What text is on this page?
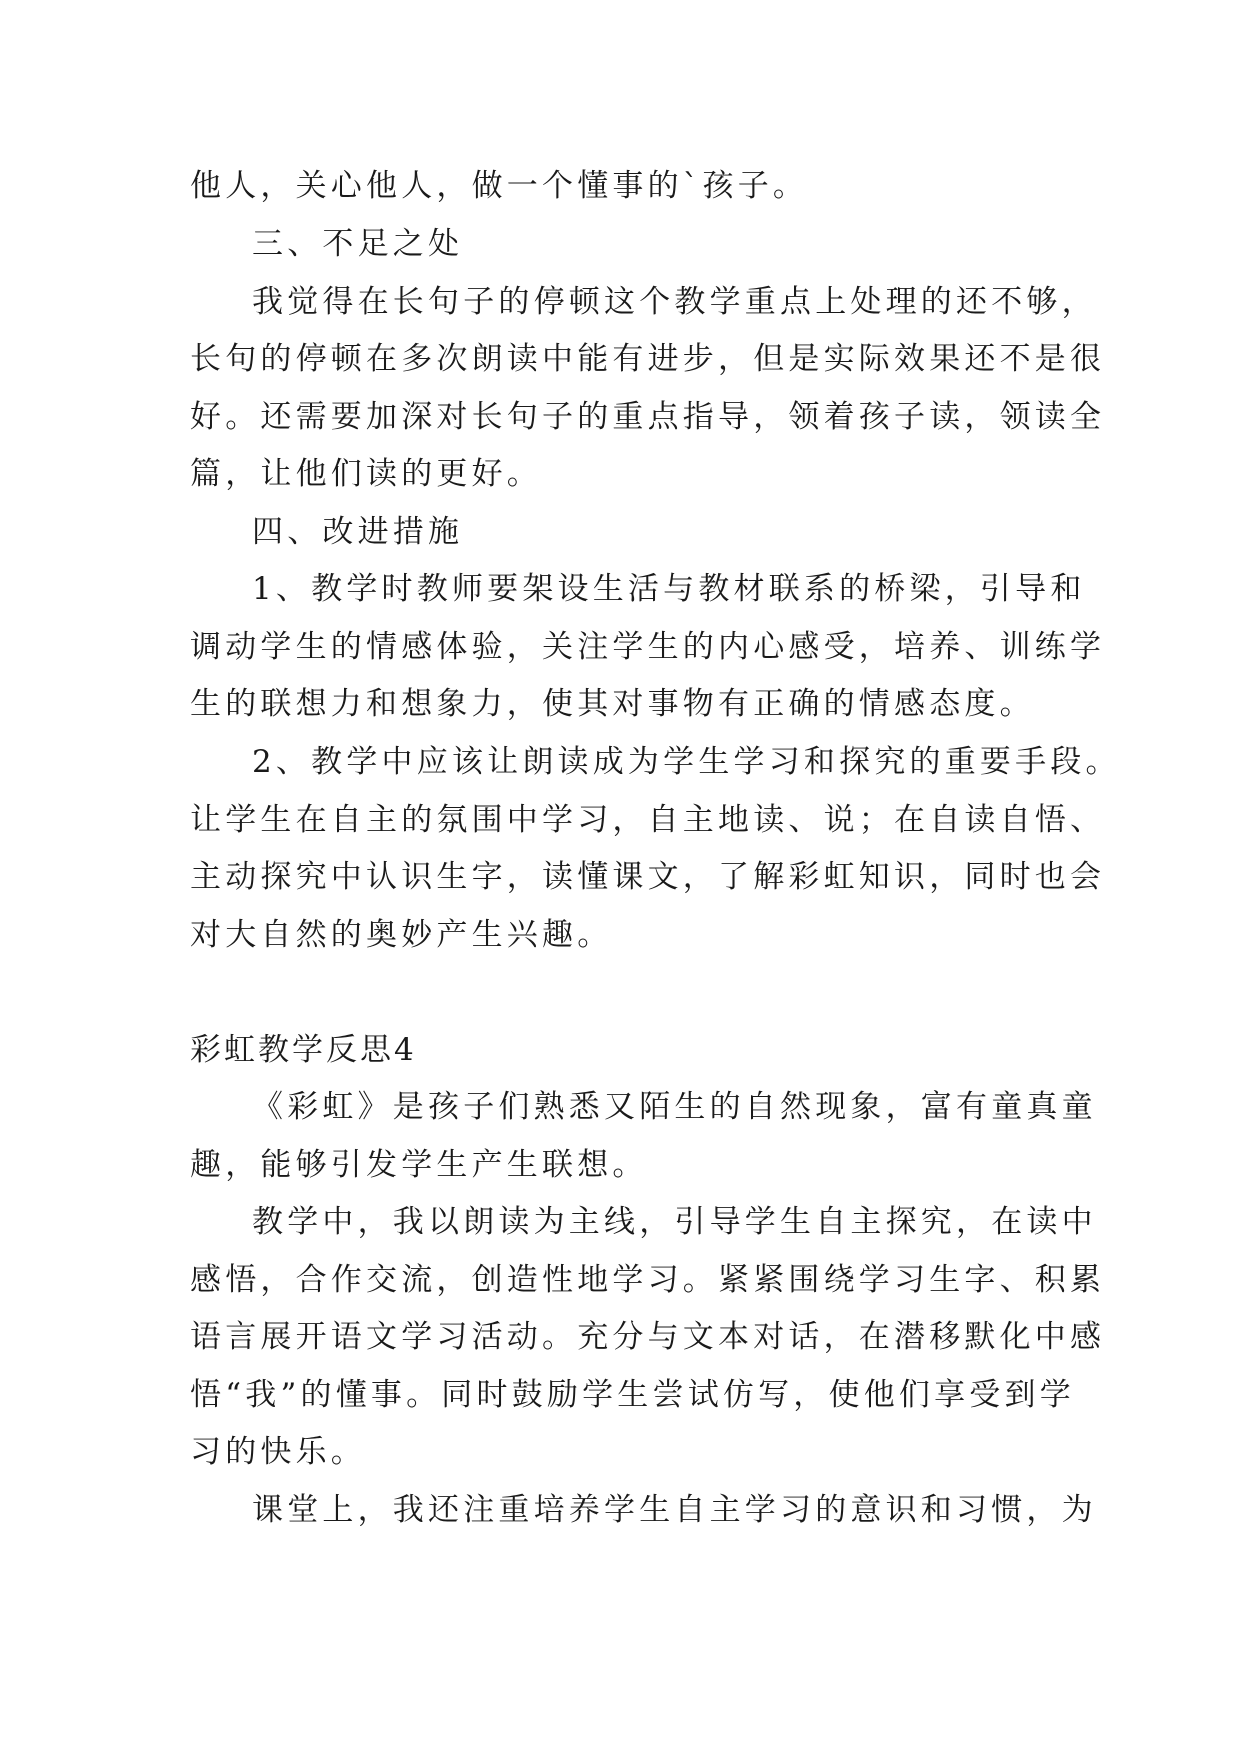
他人，关心他人，做一个懂事的`孩子。
三、不足之处
我觉得在长句子的停顿这个教学重点上处理的还不够，
长句的停顿在多次朗读中能有进步，但是实际效果还不是很
好。还需要加深对长句子的重点指导，领着孩子读，领读全
篇，让他们读的更好。
四、改进措施
1、教学时教师要架设生活与教材联系的桥梁，引导和
调动学生的情感体验，关注学生的内心感受，培养、训练学
生的联想力和想象力，使其对事物有正确的情感态度。
2、教学中应该让朗读成为学生学习和探究的重要手段。
让学生在自主的氛围中学习，自主地读、说；在自读自悟、
主动探究中认识生字，读懂课文，了解彩虹知识，同时也会
对大自然的奥妙产生兴趣。
彩虹教学反思4
《彩虹》是孩子们熟悉又陌生的自然现象，富有童真童
趣，能够引发学生产生联想。
教学中，我以朗读为主线，引导学生自主探究，在读中
感悟，合作交流，创造性地学习。紧紧围绕学习生字、积累
语言展开语文学习活动。充分与文本对话，在潜移默化中感
悟“我”的懂事。同时鼓励学生尝试仿写，使他们享受到学
习的快乐。
课堂上，我还注重培养学生自主学习的意识和习惯，为
